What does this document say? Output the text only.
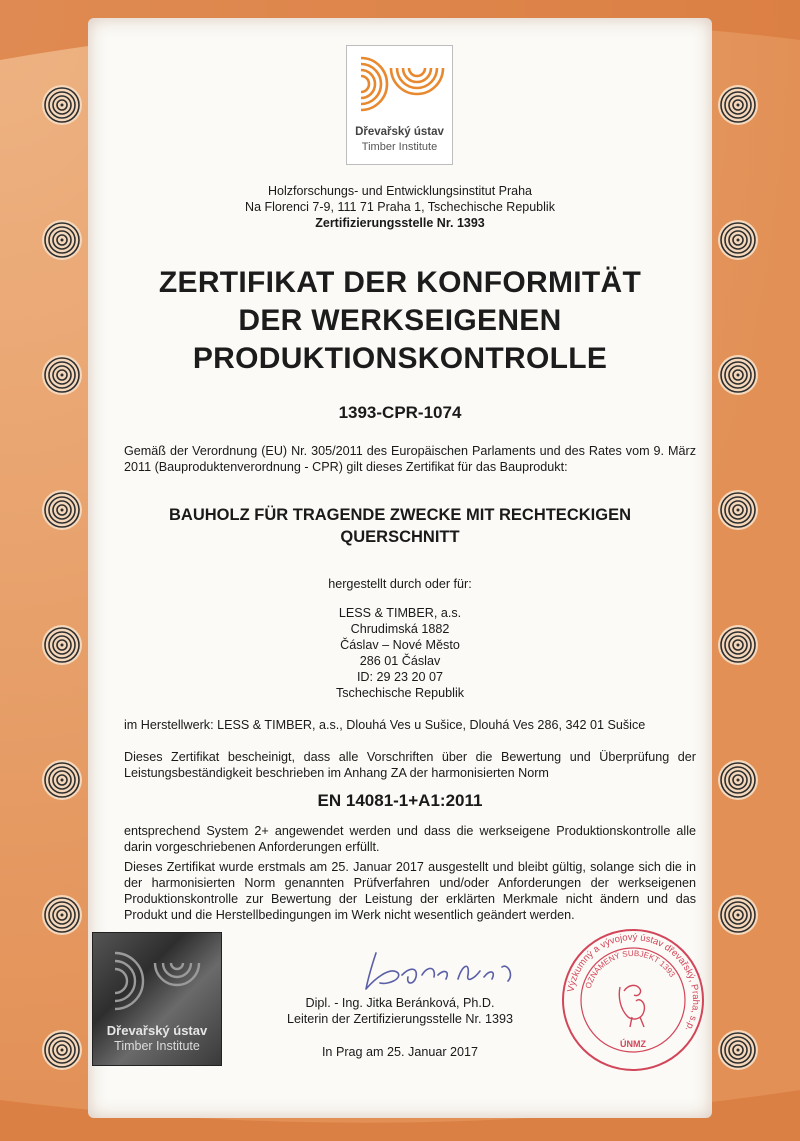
Dřevařský ústav
Timber Institute
Holzforschungs- und Entwicklungsinstitut Praha
Na Florenci 7-9, 111 71 Praha 1, Tschechische Republik
Zertifizierungsstelle Nr. 1393
ZERTIFIKAT DER KONFORMITÄT
DER WERKSEIGENEN
PRODUKTIONSKONTROLLE
1393-CPR-1074
Gemäß der Verordnung (EU) Nr. 305/2011 des Europäischen Parlaments und des Rates vom 9. März 2011 (Bauproduktenverordnung - CPR) gilt dieses Zertifikat für das Bauprodukt:
BAUHOLZ FÜR TRAGENDE ZWECKE MIT RECHTECKIGEN
QUERSCHNITT
hergestellt durch oder für:
LESS & TIMBER, a.s.
Chrudimská 1882
Čáslav – Nové Město
286 01 Čáslav
ID: 29 23 20 07
Tschechische Republik
im Herstellwerk: LESS & TIMBER, a.s., Dlouhá Ves u Sušice, Dlouhá Ves 286, 342 01 Sušice
Dieses Zertifikat bescheinigt, dass alle Vorschriften über die Bewertung und Überprüfung der Leistungsbeständigkeit beschrieben im Anhang ZA der harmonisierten Norm
EN 14081-1+A1:2011
entsprechend System 2+ angewendet werden und dass die werkseigene Produktionskontrolle alle darin vorgeschriebenen Anforderungen erfüllt.
Dieses Zertifikat wurde erstmals am 25. Januar 2017 ausgestellt und bleibt gültig, solange sich die in der harmonisierten Norm genannten Prüfverfahren und/oder Anforderungen der werkseigenen Produktionskontrolle zur Bewertung der Leistung der erklärten Merkmale nicht ändern und das Produkt und die Herstellbedingungen im Werk nicht wesentlich geändert werden.
Dřevařský ústav
Timber Institute
Dipl. - Ing. Jitka Beránková, Ph.D.
Leiterin der Zertifizierungsstelle Nr. 1393
In Prag am 25. Januar 2017
Výzkumný a vývojový ústav dřevařský, Praha, s.p.
OZNÁMENÝ SUBJEKT 1393
ÚNMZ
